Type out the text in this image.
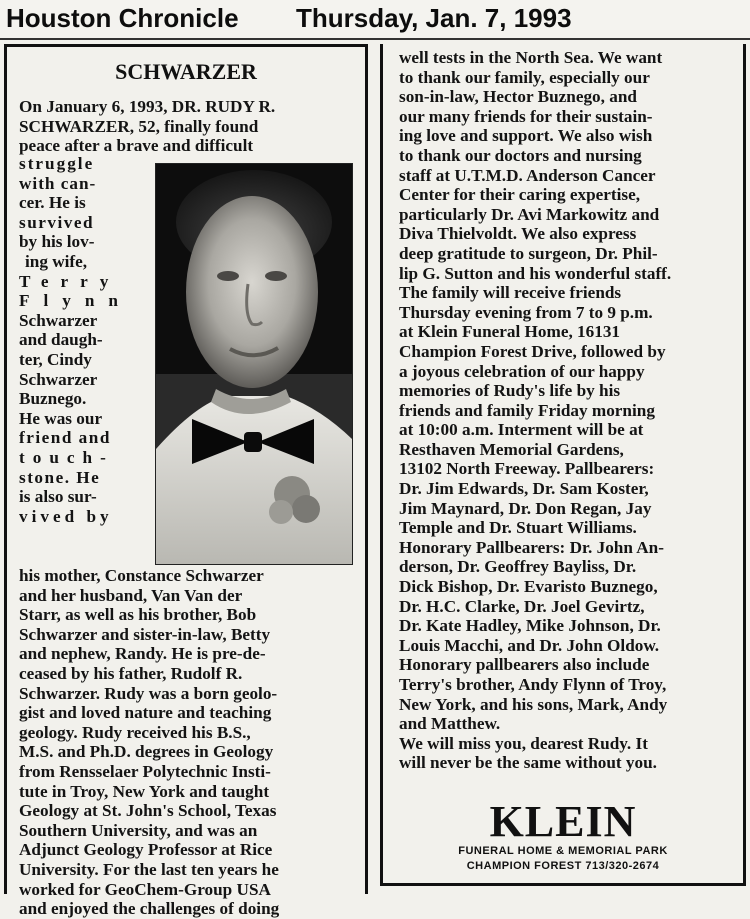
Houston Chronicle Thursday, Jan. 7, 1993
SCHWARZER
On January 6, 1993, DR. RUDY R.
SCHWARZER, 52, finally found
peace after a brave and difficult
struggle
with can-
cer. He is
survived
by his lov-
ing wife,
Terry
Flynn
Schwarzer
and daugh-
ter, Cindy
Schwarzer
Buznego.
He was our
friend and
touch-
stone. He
is also sur-
vived by
his mother, Constance Schwarzer
and her husband, Van Van der
Starr, as well as his brother, Bob
Schwarzer and sister-in-law, Betty
and nephew, Randy. He is pre-de-
ceased by his father, Rudolf R.
Schwarzer. Rudy was a born geolo-
gist and loved nature and teaching
geology. Rudy received his B.S.,
M.S. and Ph.D. degrees in Geology
from Rensselaer Polytechnic Insti-
tute in Troy, New York and taught
Geology at St. John's School, Texas
Southern University, and was an
Adjunct Geology Professor at Rice
University. For the last ten years he
worked for GeoChem-Group USA
and enjoyed the challenges of doing
well tests in the North Sea. We want
to thank our family, especially our
son-in-law, Hector Buznego, and
our many friends for their sustain-
ing love and support. We also wish
to thank our doctors and nursing
staff at U.T.M.D. Anderson Cancer
Center for their caring expertise,
particularly Dr. Avi Markowitz and
Diva Thielvoldt. We also express
deep gratitude to surgeon, Dr. Phil-
lip G. Sutton and his wonderful staff.
The family will receive friends
Thursday evening from 7 to 9 p.m.
at Klein Funeral Home, 16131
Champion Forest Drive, followed by
a joyous celebration of our happy
memories of Rudy's life by his
friends and family Friday morning
at 10:00 a.m. Interment will be at
Resthaven Memorial Gardens,
13102 North Freeway. Pallbearers:
Dr. Jim Edwards, Dr. Sam Koster,
Jim Maynard, Dr. Don Regan, Jay
Temple and Dr. Stuart Williams.
Honorary Pallbearers: Dr. John An-
derson, Dr. Geoffrey Bayliss, Dr.
Dick Bishop, Dr. Evaristo Buznego,
Dr. H.C. Clarke, Dr. Joel Gevirtz,
Dr. Kate Hadley, Mike Johnson, Dr.
Louis Macchi, and Dr. John Oldow.
Honorary pallbearers also include
Terry's brother, Andy Flynn of Troy,
New York, and his sons, Mark, Andy
and Matthew.
We will miss you, dearest Rudy. It
will never be the same without you.
KLEIN
FUNERAL HOME & MEMORIAL PARK
CHAMPION FOREST 713/320-2674
